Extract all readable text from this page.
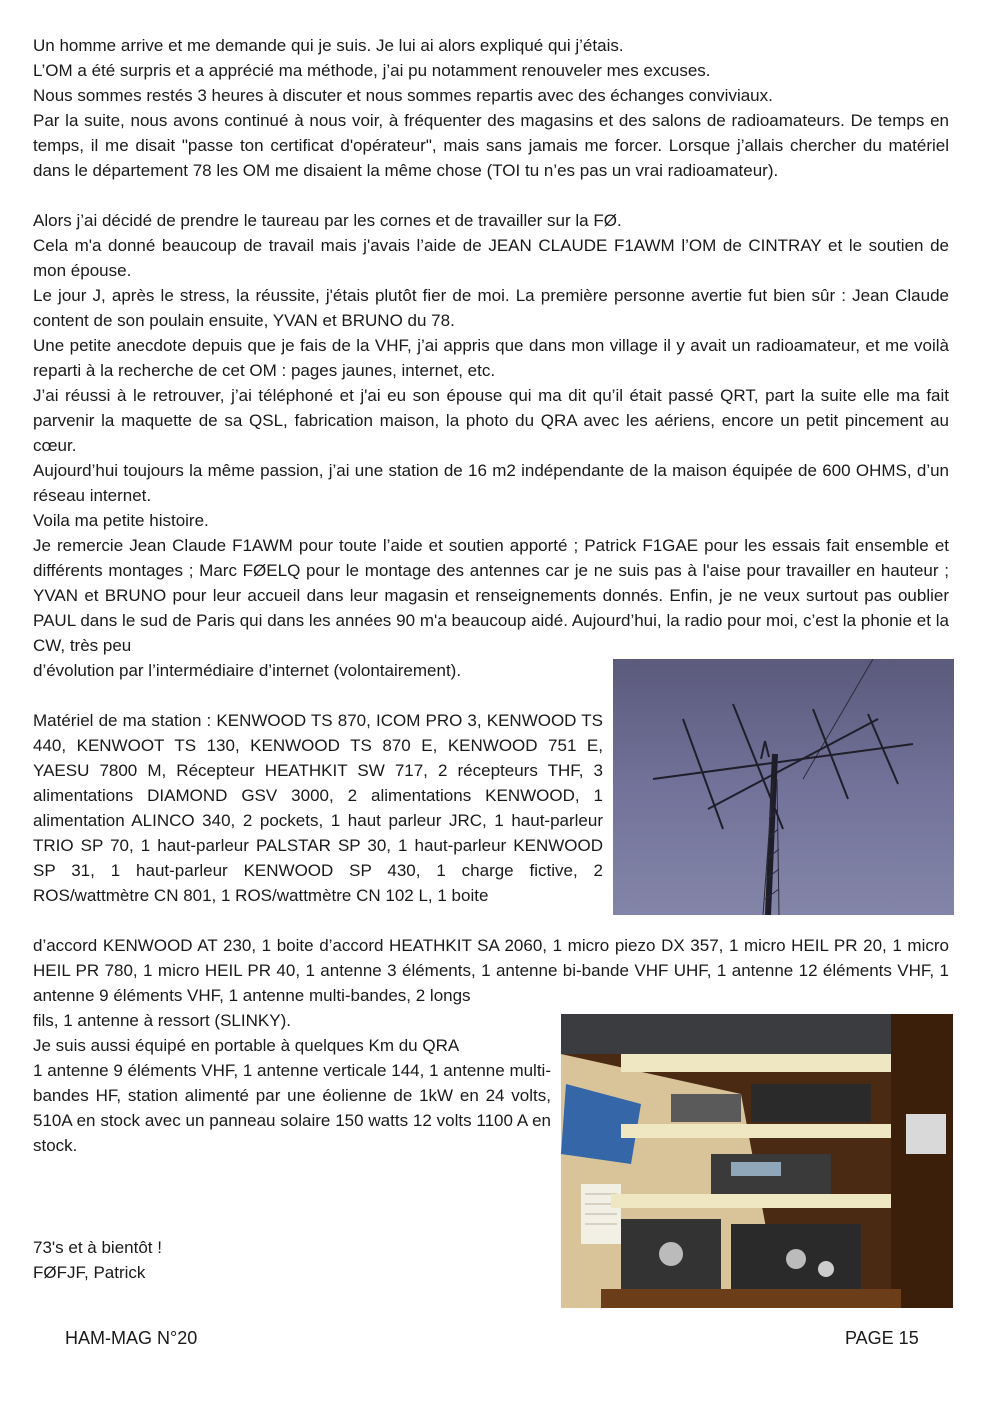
Un homme arrive et me demande qui je suis. Je lui ai alors expliqué qui j’étais.

L’OM a été surpris et a apprécié ma méthode, j’ai pu notamment renouveler mes excuses.

Nous sommes restés 3 heures à discuter et nous sommes repartis avec des échanges conviviaux.

Par la suite, nous avons continué à nous voir, à fréquenter des magasins et des salons de radioamateurs. De temps en temps, il me disait "passe ton certificat d'opérateur", mais sans jamais me forcer. Lorsque j’allais chercher du matériel dans le département 78 les OM me disaient la même chose (TOI tu n’es pas un vrai radioamateur).

Alors j’ai décidé de prendre le taureau par les cornes et de travailler sur la FØ.

Cela m'a donné beaucoup de travail mais j'avais l’aide de JEAN CLAUDE F1AWM l’OM de CINTRAY et le soutien de mon épouse.

Le jour J, après le stress, la réussite, j'étais plutôt fier de moi. La première personne avertie fut bien sûr : Jean Claude content de son poulain ensuite, YVAN et BRUNO du 78.

Une petite anecdote depuis que je fais de la VHF, j’ai appris que dans mon village il y avait un radioamateur, et me voilà reparti à la recherche de cet OM : pages jaunes, internet, etc.

J’ai réussi à le retrouver, j’ai téléphoné et j'ai eu son épouse qui ma dit qu’il était passé QRT, part la suite elle ma fait parvenir la maquette de sa QSL, fabrication maison, la photo du QRA avec les aériens, encore un petit pincement au cœur.

Aujourd’hui toujours la même passion, j’ai une station de 16 m2 indépendante de la maison équipée de 600 OHMS, d’un réseau internet.

Voila ma petite histoire.

Je remercie Jean Claude F1AWM pour toute l’aide et soutien apporté ; Patrick F1GAE pour les essais fait ensemble et différents montages ; Marc FØELQ pour le montage des antennes car je ne suis pas à l'aise pour travailler en hauteur ; YVAN et BRUNO pour leur accueil dans leur magasin et renseignements donnés. Enfin, je ne veux surtout pas oublier PAUL dans le sud de Paris qui dans les années 90 m'a beaucoup aidé. Aujourd’hui, la radio pour moi, c’est la phonie et la CW, très peu

d’évolution par l’intermédiaire d’internet (volontairement).

Matériel de ma station : KENWOOD TS 870, ICOM PRO 3, KENWOOD TS 440, KENWOOT TS 130, KENWOOD TS 870 E, KENWOOD 751 E, YAESU 7800 M, Récepteur HEATHKIT SW 717, 2 récepteurs THF, 3 alimentations DIAMOND GSV 3000, 2 alimentations KENWOOD, 1 alimentation ALINCO 340, 2 pockets, 1 haut parleur JRC, 1 haut-parleur TRIO SP 70, 1 haut-parleur PALSTAR SP 30, 1 haut-parleur KENWOOD SP 31, 1 haut-parleur KENWOOD SP 430, 1 charge fictive, 2 ROS/wattmètre CN 801, 1 ROS/wattmètre CN 102 L, 1 boite

d’accord KENWOOD AT 230, 1 boite d’accord HEATHKIT SA 2060, 1 micro piezo DX 357, 1 micro HEIL PR 20, 1 micro HEIL PR 780, 1 micro HEIL PR 40, 1 antenne 3 éléments, 1 antenne bi-bande VHF UHF, 1 antenne 12 éléments VHF, 1 antenne 9 éléments VHF, 1 antenne multi-bandes, 2 longs

fils, 1 antenne à ressort (SLINKY).

Je suis aussi équipé en portable à quelques Km du QRA

1 antenne 9 éléments VHF, 1 antenne verticale 144, 1 antenne multi-bandes HF, station alimenté par une éolienne de 1kW en 24 volts, 510A en stock avec un panneau solaire 150 watts 12 volts 1100 A en stock.

73's et à bientôt !

FØFJF, Patrick

HAM-MAG N°20	PAGE 15
